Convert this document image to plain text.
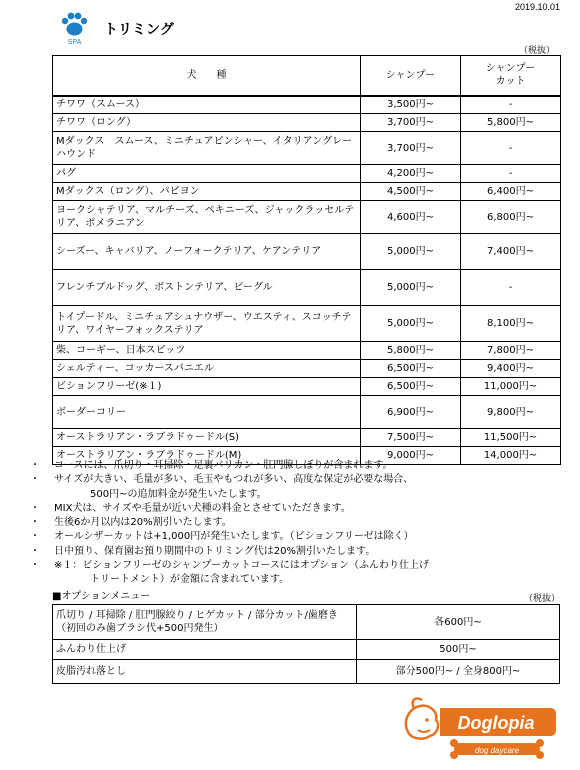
2019.10.01
SPA
トリミング
（税抜）
犬　　種	シャンプー	シャンプー
カット
チワワ（スムース）	3,500円~	-
チワワ（ロング）	3,700円~	5,800円~
Mダックス　スムース、ミニチュアピンシャー、イタリアングレーハウンド	3,700円~	-
パグ	4,200円~	-
Mダックス（ロング）、パピヨン	4,500円~	6,400円~
ヨークシャテリア、マルチーズ、ペキニーズ、ジャックラッセルテリア、ポメラニアン	4,600円~	6,800円~
シーズー、キャバリア、ノーフォークテリア、ケアンテリア	5,000円~	7,400円~
フレンチブルドッグ、ボストンテリア、ビーグル	5,000円~	-
トイプードル、ミニチュアシュナウザー、ウエスティ、スコッチテリア、ワイヤーフォックステリア	5,000円~	8,100円~
柴、コーギー、日本スピッツ	5,800円~	7,800円~
シェルティー、コッカースパニエル	6,500円~	9,400円~
ビションフリーゼ(※１)	6,500円~	11,000円~
ボーダーコリー	6,900円~	9,800円~
オーストラリアン・ラブラドゥードル(S)	7,500円~	11,500円~
オーストラリアン・ラブラドゥードル(M)	9,000円~	14,000円~
・ コースには、爪切り・耳掃除・足裏バリカン・肛門腺しぼりが含まれます。
・ サイズが大きい、毛量が多い、毛玉やもつれが多い、高度な保定が必要な場合、
500円~の追加料金が発生いたします。
・ MIX犬は、サイズや毛量が近い犬種の料金とさせていただきます。
・ 生後6か月以内は20%割引いたします。
・ オールシザーカットは+1,000円が発生いたします。（ビションフリーゼは除く）
・ 日中預り、保育園お預り期間中のトリミング代は20%割引いたします。
・ ※１：ビションフリーゼのシャンプーカットコースにはオプション（ふんわり仕上げ
トリートメント）が金額に含まれています。
■オプションメニュー	（税抜）
爪切り / 耳掃除 / 肛門腺絞り / ヒゲカット / 部分カット/歯磨き（初回のみ歯ブラシ代+500円発生）	各600円~
ふんわり仕上げ	500円~
皮脂汚れ落とし	部分500円~ / 全身800円~
Doglopia
dog daycare
